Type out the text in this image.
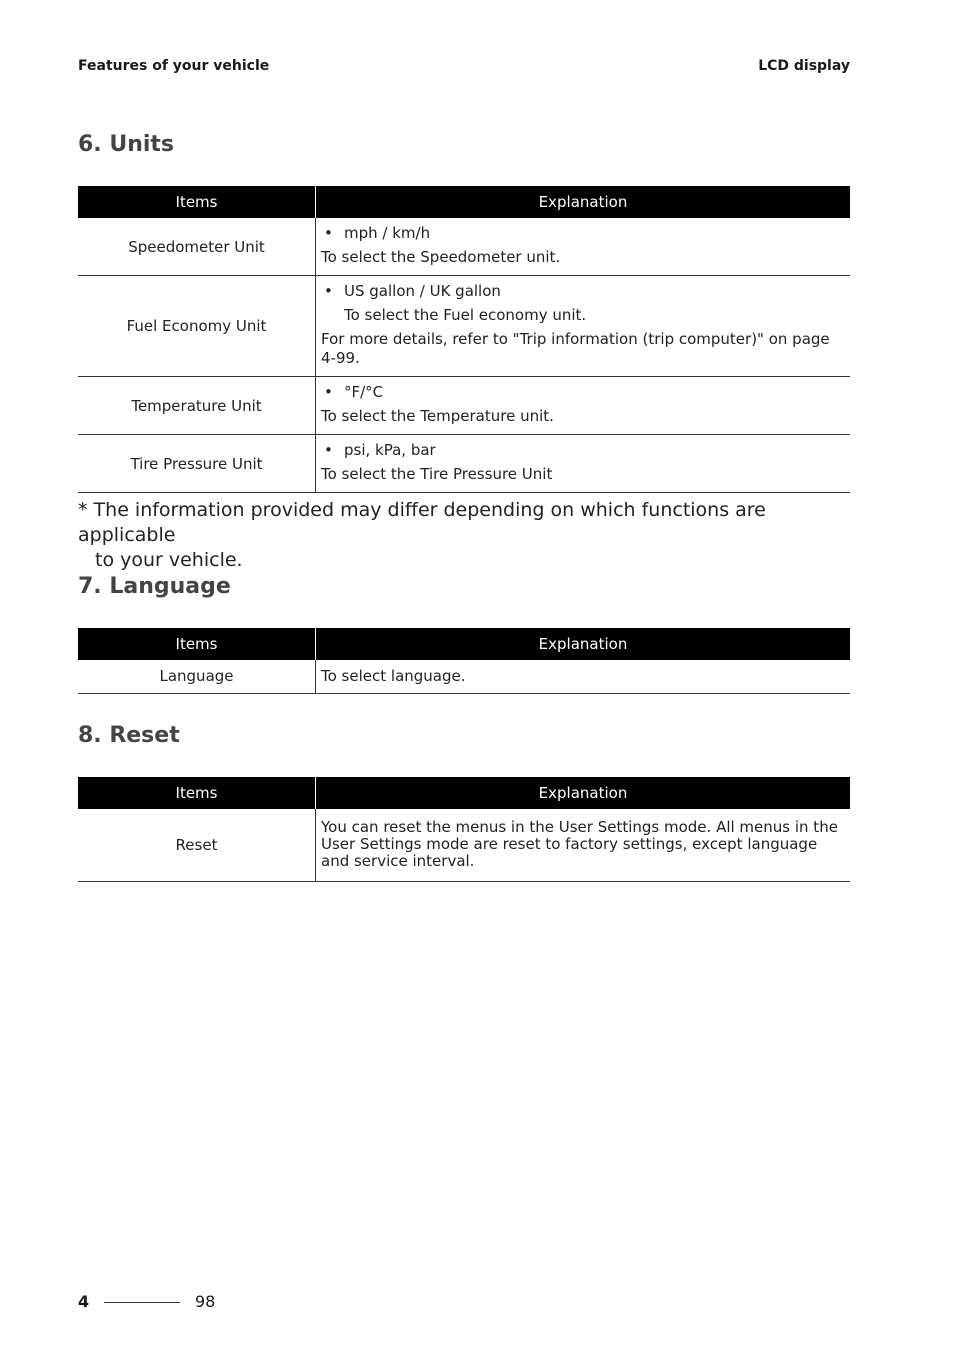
Features of your vehicle	LCD display
6. Units
Items	Explanation
Speedometer Unit	• mph / km/h
To select the Speedometer unit.

Fuel Economy Unit	• US gallon / UK gallon
To select the Fuel economy unit.
For more details, refer to "Trip information (trip computer)" on page 4-99.

Temperature Unit	• °F/°C
To select the Temperature unit.

Tire Pressure Unit	• psi, kPa, bar
To select the Tire Pressure Unit
* The information provided may differ depending on which functions are applicable
to your vehicle.
7. Language
Items	Explanation
Language	To select language.
8. Reset
Items	Explanation
Reset	You can reset the menus in the User Settings mode. All menus in the User Settings mode are reset to factory settings, except language and service interval.
4	98
